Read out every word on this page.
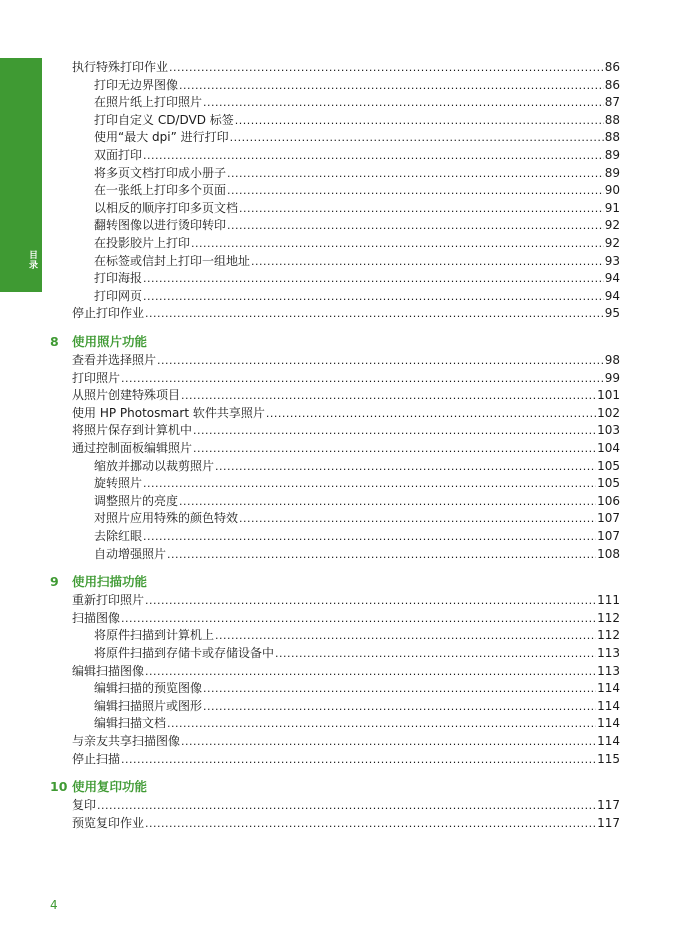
目录
执行特殊打印作业 .....	86
打印无边界图像 .....	86
在照片纸上打印照片 .....	87
打印自定义 CD/DVD 标签 .....	88
使用“最大 dpi” 进行打印 .....	88
双面打印 .....	89
将多页文档打印成小册子 .....	89
在一张纸上打印多个页面 .....	90
以相反的顺序打印多页文档 .....	91
翻转图像以进行烫印转印 .....	92
在投影胶片上打印 .....	92
在标签或信封上打印一组地址 .....	93
打印海报 .....	94
打印网页 .....	94
停止打印作业 .....	95
8 使用照片功能
查看并选择照片 .....	98
打印照片 .....	99
从照片创建特殊项目 .....	101
使用 HP Photosmart 软件共享照片 .....	102
将照片保存到计算机中 .....	103
通过控制面板编辑照片 .....	104
缩放并挪动以裁剪照片 .....	105
旋转照片 .....	105
调整照片的亮度 .....	106
对照片应用特殊的颜色特效 .....	107
去除红眼 .....	107
自动增强照片 .....	108
9 使用扫描功能
重新打印照片 .....	111
扫描图像 .....	112
将原件扫描到计算机上 .....	112
将原件扫描到存储卡或存储设备中 .....	113
编辑扫描图像 .....	113
编辑扫描的预览图像 .....	114
编辑扫描照片或图形 .....	114
编辑扫描文档 .....	114
与亲友共享扫描图像 .....	114
停止扫描 .....	115
10 使用复印功能
复印 .....	117
预览复印作业 .....	117
4
